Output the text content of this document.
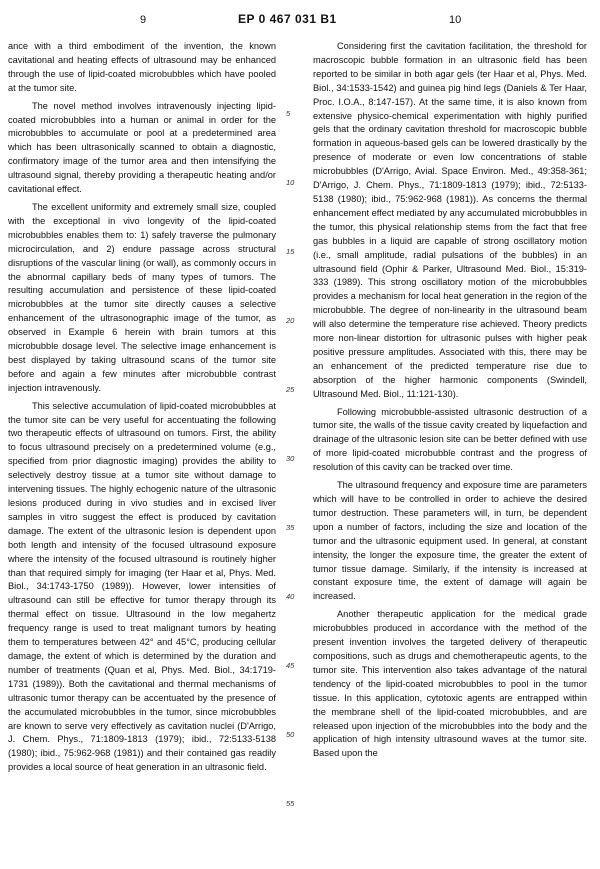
9	EP 0 467 031 B1	10

ance with a third embodiment of the invention, the known cavitational and heating effects of ultrasound may be enhanced through the use of lipid-coated microbubbles which have pooled at the tumor site.

The novel method involves intravenously injecting lipid-coated microbubbles into a human or animal in order for the microbubbles to accumulate or pool at a predetermined area which has been ultrasonically scanned to obtain a diagnostic, confirmatory image of the tumor area and then intensifying the ultrasound signal, thereby providing a therapeutic heating and/or cavitational effect.

The excellent uniformity and extremely small size, coupled with the exceptional in vivo longevity of the lipid-coated microbubbles enables them to: 1) safely traverse the pulmonary microcirculation, and 2) endure passage across structural disruptions of the vascular lining (or wall), as commonly occurs in the abnormal capillary beds of many types of tumors. The resulting accumulation and persistence of these lipid-coated microbubbles at the tumor site directly causes a selective enhancement of the ultrasonographic image of the tumor, as observed in Example 6 herein with brain tumors at this microbubble dosage level. The selective image enhancement is best displayed by taking ultrasound scans of the tumor site before and again a few minutes after microbubble contrast injection intravenously.

This selective accumulation of lipid-coated microbubbles at the tumor site can be very useful for accentuating the following two therapeutic effects of ultrasound on tumors. First, the ability to focus ultrasound precisely on a predetermined volume (e.g., specified from prior diagnostic imaging) provides the ability to selectively destroy tissue at a tumor site without damage to intervening tissues. The highly echogenic nature of the ultrasonic lesions produced during in vivo studies and in excised liver samples in vitro suggest the effect is produced by cavitation damage. The extent of the ultrasonic lesion is dependent upon both length and intensity of the focused ultrasound exposure where the intensity of the focused ultrasound is routinely higher than that required simply for imaging (ter Haar et al, Phys. Med. Biol., 34:1743-1750 (1989)). However, lower intensities of ultrasound can still be effective for tumor therapy through its thermal effect on tissue. Ultrasound in the low megahertz frequency range is used to treat malignant tumors by heating them to temperatures between 42° and 45°C, producing cellular damage, the extent of which is determined by the duration and number of treatments (Quan et al, Phys. Med. Biol., 34:1719-1731 (1989)). Both the cavitational and thermal mechanisms of ultrasonic tumor therapy can be accentuated by the presence of the accumulated microbubbles in the tumor, since microbubbles are known to serve very effectively as cavitation nuclei (D'Arrigo, J. Chem. Phys., 71:1809-1813 (1979); ibid., 72:5133-5138 (1980); ibid., 75:962-968 (1981)) and their contained gas readily provides a local source of heat generation in an ultrasonic field.

5
10
15
20
25
30
35
40
45
50
55

Considering first the cavitation facilitation, the threshold for macroscopic bubble formation in an ultrasonic field has been reported to be similar in both agar gels (ter Haar et al, Phys. Med. Biol., 34:1533-1542) and guinea pig hind legs (Daniels & Ter Haar, Proc. I.O.A., 8:147-157). At the same time, it is also known from extensive physico-chemical experimentation with highly purified gels that the ordinary cavitation threshold for macroscopic bubble formation in aqueous-based gels can be lowered drastically by the presence of moderate or even low concentrations of stable microbubbles (D'Arrigo, Avial. Space Environ. Med., 49:358-361; D'Arrigo, J. Chem. Phys., 71:1809-1813 (1979); ibid., 72:5133-5138 (1980); ibid., 75:962-968 (1981)). As concerns the thermal enhancement effect mediated by any accumulated microbubbles in the tumor, this physical relationship stems from the fact that free gas bubbles in a liquid are capable of strong oscillatory motion (i.e., small amplitude, radial pulsations of the bubbles) in an ultrasound field (Ophir & Parker, Ultrasound Med. Biol., 15:319-333 (1989). This strong oscillatory motion of the microbubbles provides a mechanism for local heat generation in the region of the microbubble. The degree of non-linearity in the ultrasound beam will also determine the temperature rise achieved. Theory predicts more non-linear distortion for ultrasonic pulses with higher peak positive pressure amplitudes. Associated with this, there may be an enhancement of the predicted temperature rise due to absorption of the higher harmonic components (Swindell, Ultrasound Med. Biol., 11:121-130).

Following microbubble-assisted ultrasonic destruction of a tumor site, the walls of the tissue cavity created by liquefaction and drainage of the ultrasonic lesion site can be better defined with use of more lipid-coated microbubble contrast and the progress of resolution of this cavity can be tracked over time.

The ultrasound frequency and exposure time are parameters which will have to be controlled in order to achieve the desired tumor destruction. These parameters will, in turn, be dependent upon a number of factors, including the size and location of the tumor and the ultrasonic equipment used. In general, at constant intensity, the longer the exposure time, the greater the extent of tumor tissue damage. Similarly, if the intensity is increased at constant exposure time, the extent of damage will again be increased.

Another therapeutic application for the medical grade microbubbles produced in accordance with the method of the present invention involves the targeted delivery of therapeutic compositions, such as drugs and chemotherapeutic agents, to the tumor site. This intervention also takes advantage of the natural tendency of the lipid-coated microbubbles to pool in the tumor tissue. In this application, cytotoxic agents are entrapped within the membrane shell of the lipid-coated microbubbles, and are released upon injection of the microbubbles into the body and the application of high intensity ultrasound waves at the tumor site. Based upon the
